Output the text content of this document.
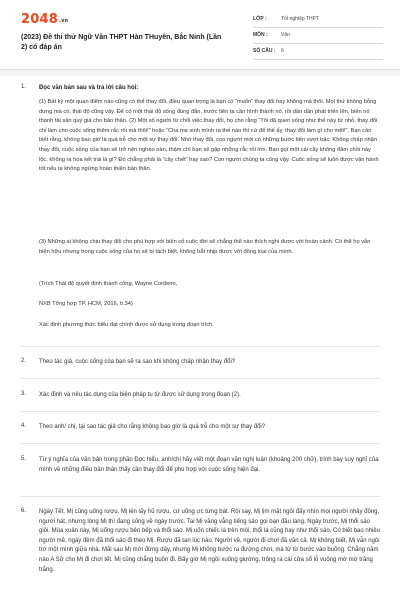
2048.vn
(2023) Đề thi thử Ngữ Văn THPT Hàn THuyên, Bắc Ninh (Lần 2) có đáp án
LỚP :	Tốt nghiệp THPT
MÔN :	Văn
SỐ CÂU : 6
1. Đọc văn bản sau và trả lời câu hỏi:
(1) Bất kỳ một quan điểm nào cũng có thể thay đổi, điều quan trọng là bạn có “muốn” thay đổi hay không mà thôi. Mọi thứ không bỗng dưng mà có, thái độ cũng vậy. Để có một thái độ sống đúng đắn, trước tiên ta cần hình thành nó, rồi dần dần phát triển lên, biến nó thành tài sản quý giá cho bản thân. (2) Một số người từ chối việc thay đổi, họ cho rằng “Tôi đã quen sống như thế này từ nhỏ, thay đổi chỉ làm cho cuộc sống thêm rắc rối mà thôi!” hoặc “Cha mẹ sinh mình ra thế nào thì cứ để thế ấy, thay đổi làm gì cho mệt!”. Bạn cần biết rằng, không bao giờ là quá trễ cho một sự thay đổi. Nhờ thay đổi, con người mới có những bước tiến vượt bậc. Không chấp nhận thay đổi, cuộc sống của bạn sẽ trở nên nghèo nàn, thậm chí bạn sẽ gặp những rắc rối lớn. Bạn gọi một cái cây không đâm chồi nảy lộc, không ra hoa kết trái là gì? Đó chẳng phải là “cây chết” hay sao? Con người chúng ta cũng vậy. Cuộc sống sẽ luôn được vận hành tốt nếu ta không ngừng hoàn thiện bản thân.
(3) Những ai không chịu thay đổi cho phù hợp với biến cố cuộc đời sẽ chẳng thể nào thích nghi được với hoàn cảnh. Có thể họ vẫn hiện hữu nhưng trong cuộc sống của họ sẽ bị tách biệt, không bắt nhịp được với đồng loại của mình.
(Trích Thái độ quyết định thành công, Wayne Cordeiro,
NXB Tổng hợp TP. HCM, 2016, tr.34)
Xác định phương thức biểu đạt chính được sử dụng trong đoạn trích.
2. Theo tác giả, cuộc sống của bạn sẽ ra sao khi không chấp nhận thay đổi?
3. Xác định và nêu tác dụng của biện pháp tu từ được sử dụng trong đoạn (2).
4. Theo anh/ chị, tại sao tác giả cho rằng không bao giờ là quá trễ cho một sự thay đổi?
5. Từ ý nghĩa của văn bản trong phần Đọc hiểu, anh/chị hãy viết một đoạn văn nghị luận (khoảng 200 chữ), trình bày suy nghĩ của mình về những điều bản thân thấy cần thay đổi để phù hợp với cuộc sống hiện đại.
6. Ngày Tết, Mị cũng uống rượu. Mị lén lấy hũ rượu, cứ uống ực từng bát. Rồi say, Mị lịm mặt ngồi đấy nhìn mọi người nhảy đồng, người hát, nhưng lòng Mị thì đang sống về ngày trước. Tai Mị văng vẳng tiếng sáo gọi bạn đầu làng. Ngày trước, Mị thổi sáo giỏi. Mùa xuân này, Mị uống rượu bên bếp và thổi sáo. Mị uốn chiếc lá trên môi, thổi lá cũng hay như thổi sáo. Có biết bao nhiêu người mê, ngày đêm đã thổi sáo đi theo Mị. Rượu đã tan lúc nào. Người về, người đi chơi đã vãn cả. Mị không biết, Mị vẫn ngồi trơ một mình giữa nhà. Mãi sau Mị mới đứng dậy, nhưng Mị không bước ra đường chơi, mà từ từ bước vào buồng. Chẳng năm nào A Sử cho Mị đi chơi tết. Mị cũng chẳng buồn đi. Bấy giờ Mị ngồi xuống giường, trông ra cái cửa sổ lỗ vuông mờ mờ trăng trắng.
